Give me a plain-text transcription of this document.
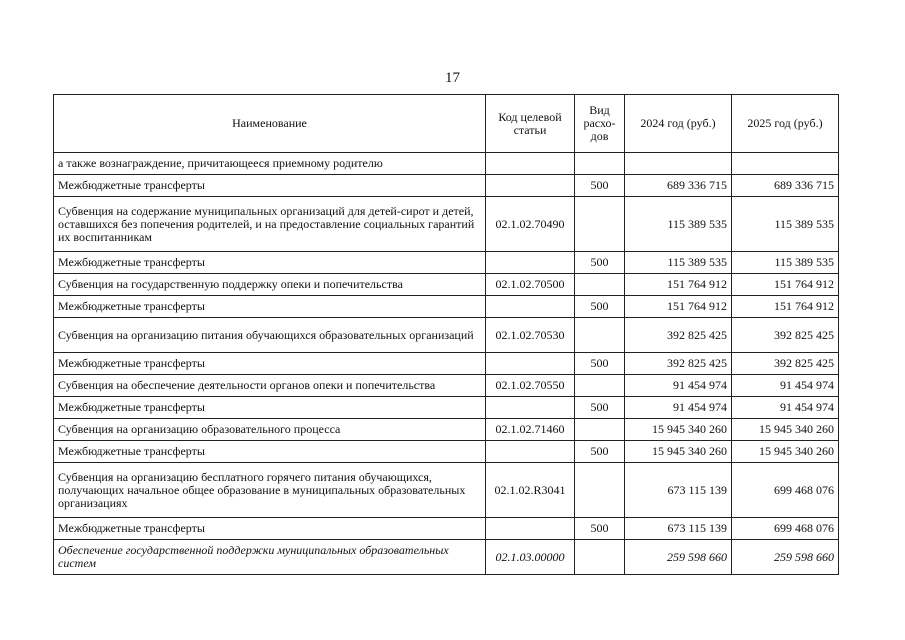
17
Наименование	Код целевой статьи	Вид расхо-дов	2024 год (руб.)	2025 год (руб.)
а также вознаграждение, причитающееся приемному родителю				
Межбюджетные трансферты		500	689 336 715	689 336 715
Субвенция на содержание муниципальных организаций для детей-сирот и детей, оставшихся без попечения родителей, и на предоставление социальных гарантий их воспитанникам	02.1.02.70490		115 389 535	115 389 535
Межбюджетные трансферты		500	115 389 535	115 389 535
Субвенция на государственную поддержку опеки и попечительства	02.1.02.70500		151 764 912	151 764 912
Межбюджетные трансферты		500	151 764 912	151 764 912
Субвенция на организацию питания обучающихся образовательных организаций	02.1.02.70530		392 825 425	392 825 425
Межбюджетные трансферты		500	392 825 425	392 825 425
Субвенция на обеспечение деятельности органов опеки и попечительства	02.1.02.70550		91 454 974	91 454 974
Межбюджетные трансферты		500	91 454 974	91 454 974
Субвенция на организацию образовательного процесса	02.1.02.71460		15 945 340 260	15 945 340 260
Межбюджетные трансферты		500	15 945 340 260	15 945 340 260
Субвенция на организацию бесплатного горячего питания обучающихся, получающих начальное общее образование в муниципальных образовательных организациях	02.1.02.R3041		673 115 139	699 468 076
Межбюджетные трансферты		500	673 115 139	699 468 076
Обеспечение государственной поддержки муниципальных образовательных систем	02.1.03.00000		259 598 660	259 598 660
